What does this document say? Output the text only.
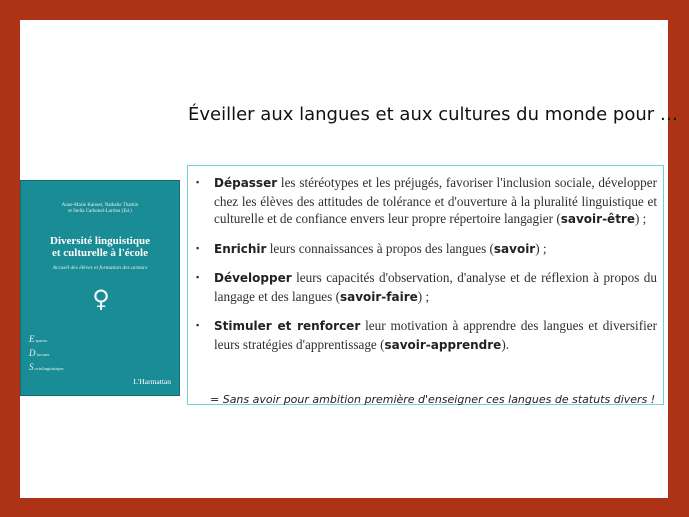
Éveiller aux langues et aux cultures du monde pour …
Anne-Marie Kaisser, Nathalie Thamin
et Stella Carbonel-Larrieu (Ed.)
Diversité linguistique
et culturelle à l'école
Accueil des élèves et formation des acteurs
♀
Espaces
Discours
Sociolinguistique
L'Harmattan
▪ Dépasser les stéréotypes et les préjugés, favoriser l'inclusion sociale, développer chez les élèves des attitudes de tolérance et d'ouverture à la pluralité linguistique et culturelle et de confiance envers leur propre répertoire langagier (savoir-être) ;
▪ Enrichir leurs connaissances à propos des langues (savoir) ;
▪ Développer leurs capacités d'observation, d'analyse et de réflexion à propos du langage et des langues (savoir-faire) ;
▪ Stimuler et renforcer leur motivation à apprendre des langues et diversifier leurs stratégies d'apprentissage (savoir-apprendre).
= Sans avoir pour ambition première d'enseigner ces langues de statuts divers !
